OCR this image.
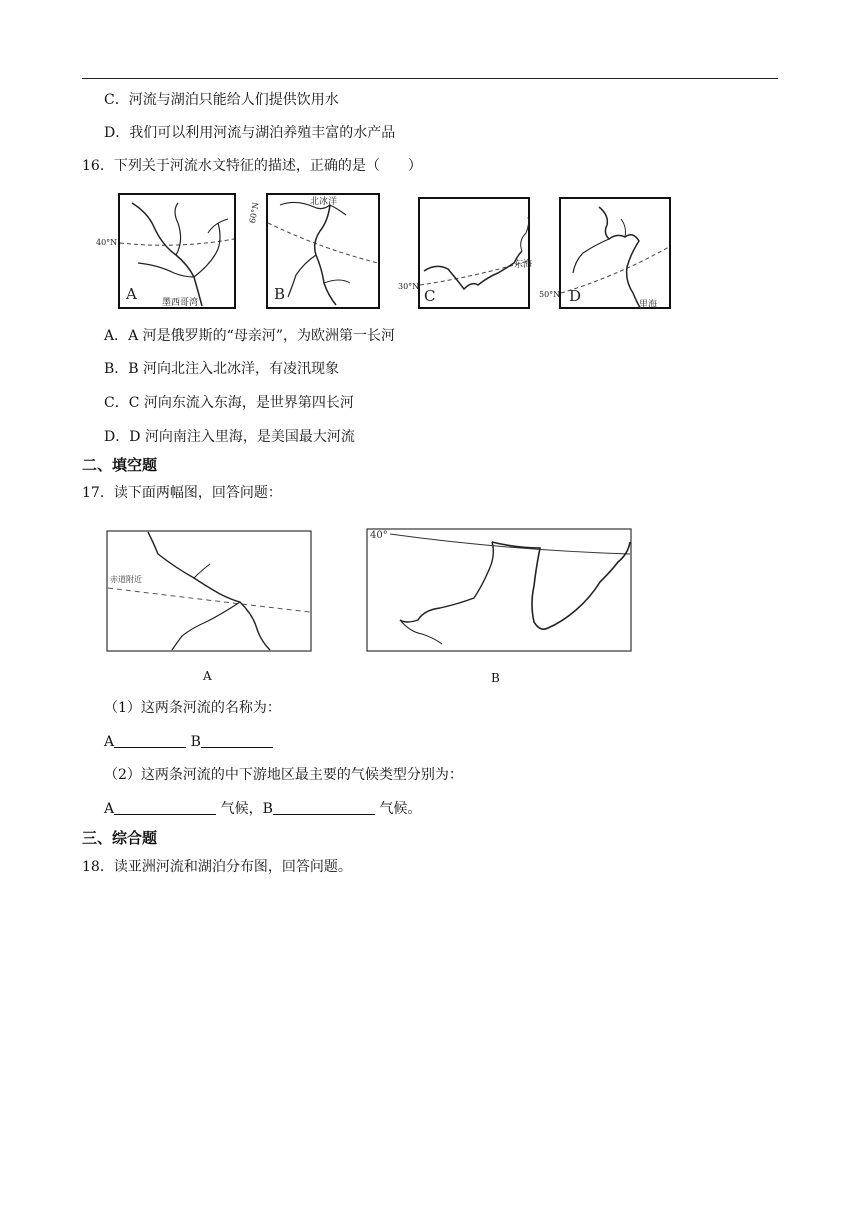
C．河流与湖泊只能给人们提供饮用水
D．我们可以利用河流与湖泊养殖丰富的水产品
16．下列关于河流水文特征的描述，正确的是（　　）
40°N
A	墨西哥湾
60°N	北冰洋
B	30°N
东海
C	50°N D	里海
A．A 河是俄罗斯的“母亲河”，为欧洲第一长河
B．B 河向北注入北冰洋，有凌汛现象
C．C 河向东流入东海，是世界第四长河
D．D 河向南注入里海，是美国最大河流
二、填空题
17．读下面两幅图，回答问题：
赤道附近
A
40°
B
（1）这两条河流的名称为：
A	B
（2）这两条河流的中下游地区最主要的气候类型分别为：
A	气候，B	气候。
三、综合题
18．读亚洲河流和湖泊分布图，回答问题。
